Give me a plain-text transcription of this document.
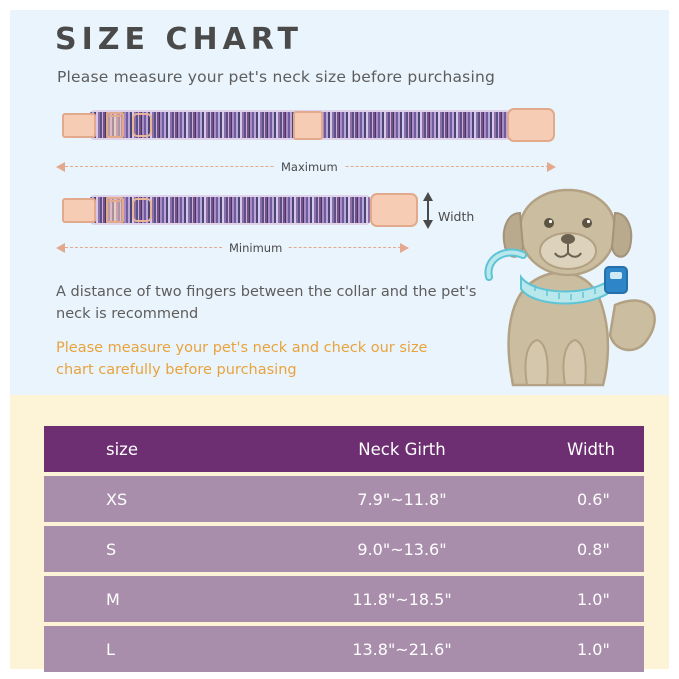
SIZE CHART
Please measure your pet's neck size before purchasing
Maximum
Minimum
Width
A distance of two fingers between the collar and the pet's neck is recommend
Please measure your pet's neck and check our size chart carefully before purchasing
size	Neck Girth	Width
XS	7.9"~11.8"	0.6"
S	9.0"~13.6"	0.8"
M	11.8"~18.5"	1.0"
L	13.8"~21.6"	1.0"
